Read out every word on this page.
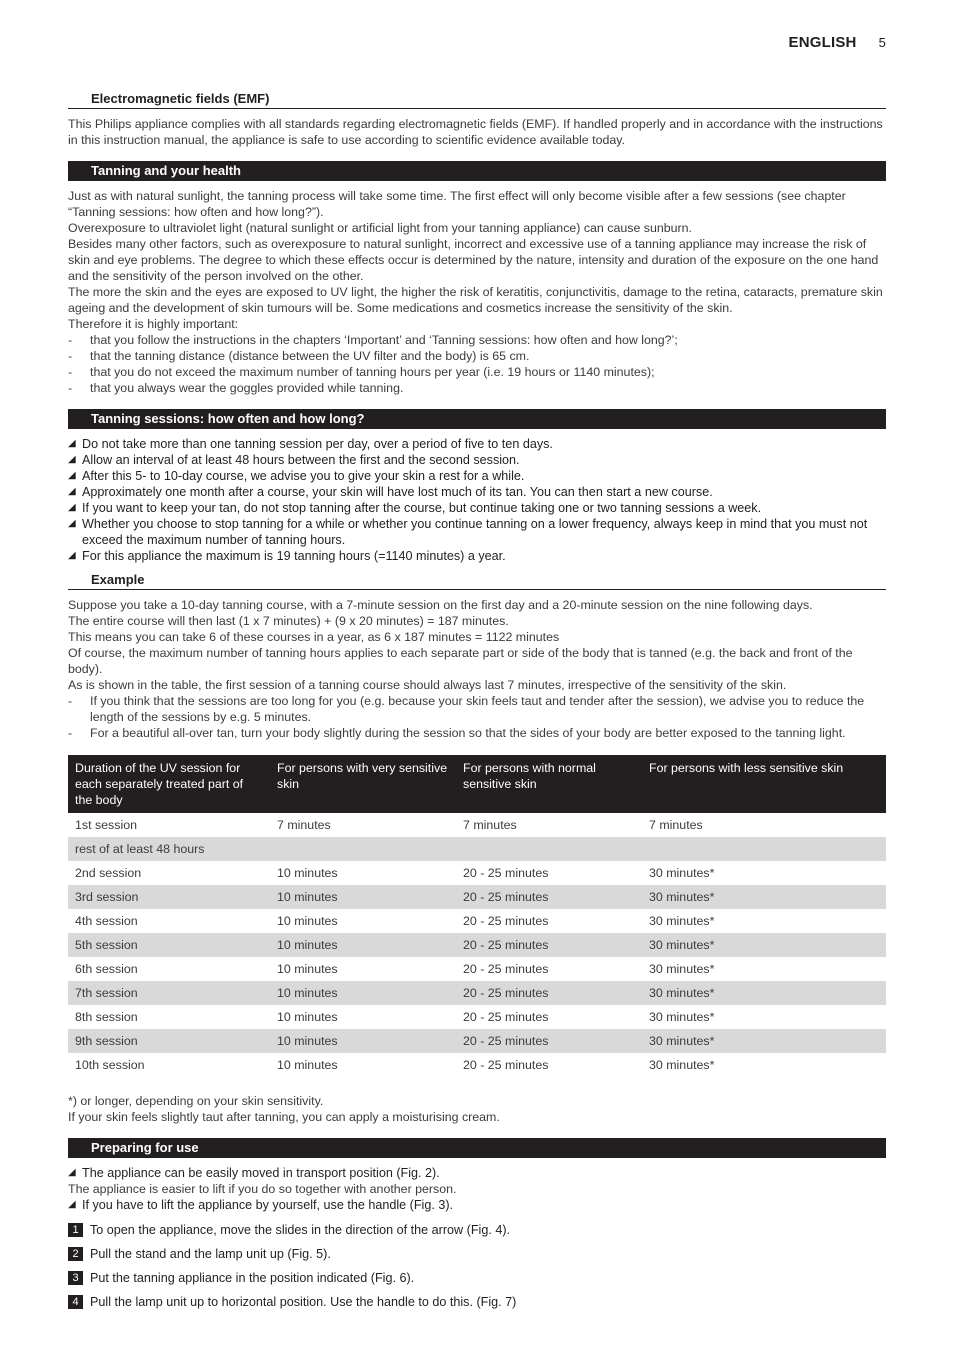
ENGLISH 5
Electromagnetic fields (EMF)

This Philips appliance complies with all standards regarding electromagnetic fields (EMF). If handled properly and in accordance with the instructions in this instruction manual, the appliance is safe to use according to scientific evidence available today.

Tanning and your health

Just as with natural sunlight, the tanning process will take some time. The first effect will only become visible after a few sessions (see chapter “Tanning sessions: how often and how long?”).

Overexposure to ultraviolet light (natural sunlight or artificial light from your tanning appliance) can cause sunburn.

Besides many other factors, such as overexposure to natural sunlight, incorrect and excessive use of a tanning appliance may increase the risk of skin and eye problems. The degree to which these effects occur is determined by the nature, intensity and duration of the exposure on the one hand and the sensitivity of the person involved on the other.

The more the skin and the eyes are exposed to UV light, the higher the risk of keratitis, conjunctivitis, damage to the retina, cataracts, premature skin ageing and the development of skin tumours will be. Some medications and cosmetics increase the sensitivity of the skin.

Therefore it is highly important:

- that you follow the instructions in the chapters ‘Important’ and ‘Tanning sessions: how often and how long?’;
- that the tanning distance (distance between the UV filter and the body) is 65 cm.
- that you do not exceed the maximum number of tanning hours per year (i.e. 19 hours or 1140 minutes);
- that you always wear the goggles provided while tanning.
Tanning sessions: how often and how long?
◢ Do not take more than one tanning session per day, over a period of five to ten days.
◢ Allow an interval of at least 48 hours between the first and the second session.
◢ After this 5- to 10-day course, we advise you to give your skin a rest for a while.
◢ Approximately one month after a course, your skin will have lost much of its tan. You can then start a new course.
◢ If you want to keep your tan, do not stop tanning after the course, but continue taking one or two tanning sessions a week.
◢ Whether you choose to stop tanning for a while or whether you continue tanning on a lower frequency, always keep in mind that you must not exceed the maximum number of tanning hours.
◢ For this appliance the maximum is 19 tanning hours (=1140 minutes) a year.
Example

Suppose you take a 10-day tanning course, with a 7-minute session on the first day and a 20-minute session on the nine following days.

The entire course will then last (1 x 7 minutes) + (9 x 20 minutes) = 187 minutes.

This means you can take 6 of these courses in a year, as 6 x 187 minutes = 1122 minutes

Of course, the maximum number of tanning hours applies to each separate part or side of the body that is tanned (e.g. the back and front of the body).

As is shown in the table, the first session of a tanning course should always last 7 minutes, irrespective of the sensitivity of the skin.

- If you think that the sessions are too long for you (e.g. because your skin feels taut and tender after the session), we advise you to reduce the length of the sessions by e.g. 5 minutes.
- For a beautiful all-over tan, turn your body slightly during the session so that the sides of your body are better exposed to the tanning light.
Duration of the UV session for each separately treated part of the body	For persons with very sensitive skin	For persons with normal sensitive skin	For persons with less sensitive skin
1st session	7 minutes	7 minutes	7 minutes
rest of at least 48 hours			
2nd session	10 minutes	20 - 25 minutes	30 minutes*
3rd session	10 minutes	20 - 25 minutes	30 minutes*
4th session	10 minutes	20 - 25 minutes	30 minutes*
5th session	10 minutes	20 - 25 minutes	30 minutes*
6th session	10 minutes	20 - 25 minutes	30 minutes*
7th session	10 minutes	20 - 25 minutes	30 minutes*
8th session	10 minutes	20 - 25 minutes	30 minutes*
9th session	10 minutes	20 - 25 minutes	30 minutes*
10th session	10 minutes	20 - 25 minutes	30 minutes*

*) or longer, depending on your skin sensitivity.

If your skin feels slightly taut after tanning, you can apply a moisturising cream.

Preparing for use
◢ The appliance can be easily moved in transport position (Fig. 2).

The appliance is easier to lift if you do so together with another person.

◢ If you have to lift the appliance by yourself, use the handle (Fig. 3).
1 To open the appliance, move the slides in the direction of the arrow (Fig. 4).
2 Pull the stand and the lamp unit up (Fig. 5).
3 Put the tanning appliance in the position indicated (Fig. 6).
4 Pull the lamp unit up to horizontal position. Use the handle to do this. (Fig. 7)
